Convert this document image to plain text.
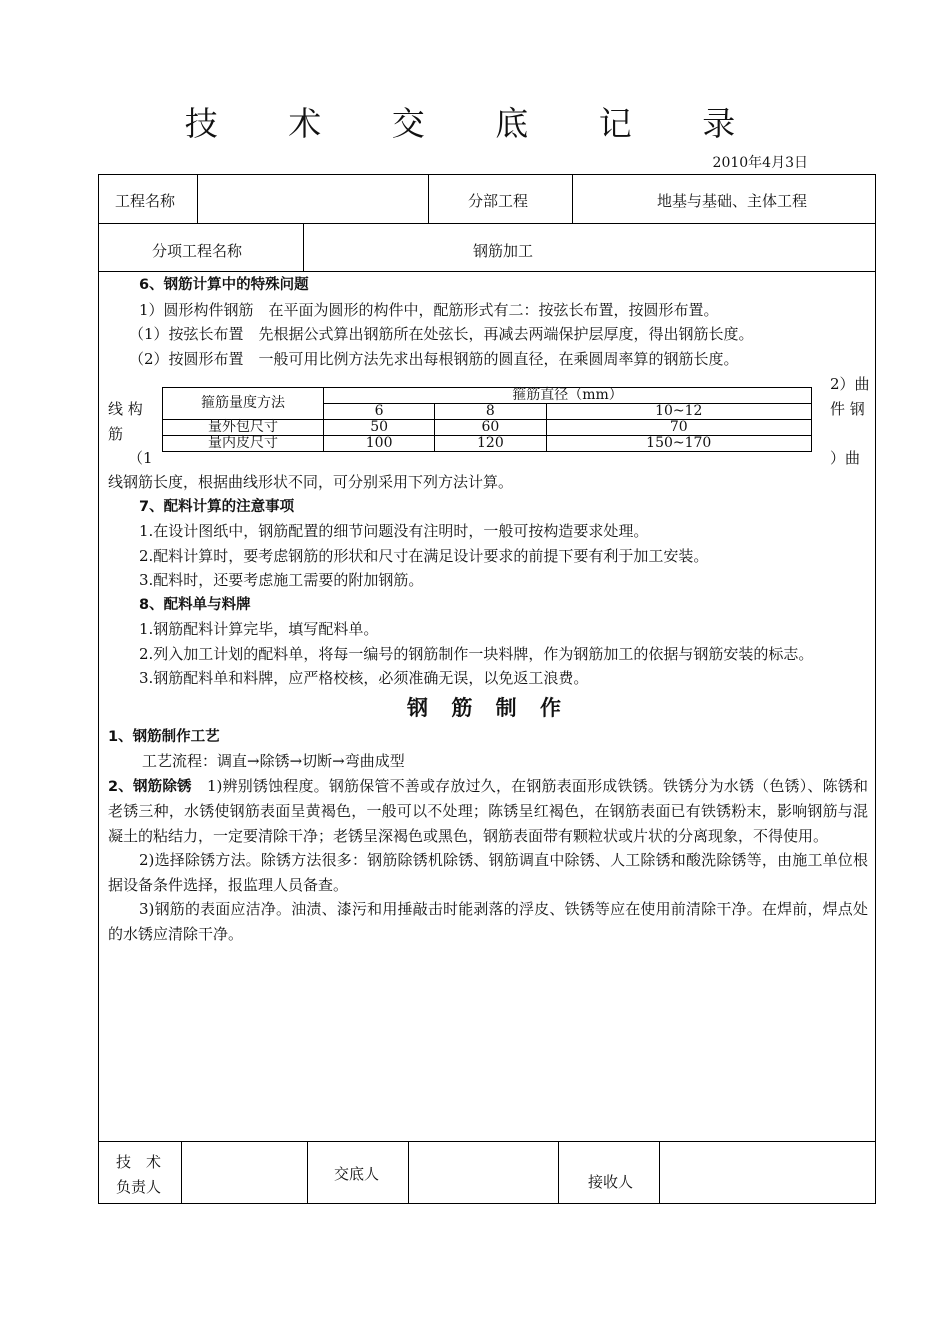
技 术 交 底 记 录
2010年4月3日
工程名称	分部工程	地基与基础、主体工程
分项工程名称	钢筋加工

6、钢筋计算中的特殊问题

1）圆形构件钢筋　在平面为圆形的构件中，配筋形式有二：按弦长布置，按圆形布置。

（1）按弦长布置　先根据公式算出钢筋所在处弦长，再减去两端保护层厚度，得出钢筋长度。

（2）按圆形布置　一般可用比例方法先求出每根钢筋的圆直径，在乘圆周率算的钢筋长度。

线 构
筋
（1
2）曲
件 钢
）曲
箍筋量度方法	箍筋直径（mm）		
	6	8	10~12
量外包尺寸	50	60	70
量内皮尺寸	100	120	150~170

线钢筋长度，根据曲线形状不同，可分别采用下列方法计算。

7、配料计算的注意事项

1.在设计图纸中，钢筋配置的细节问题没有注明时，一般可按构造要求处理。

2.配料计算时，要考虑钢筋的形状和尺寸在满足设计要求的前提下要有利于加工安装。

3.配料时，还要考虑施工需要的附加钢筋。

8、配料单与料牌

1.钢筋配料计算完毕，填写配料单。

2.列入加工计划的配料单，将每一编号的钢筋制作一块料牌，作为钢筋加工的依据与钢筋安装的标志。

3.钢筋配料单和料牌，应严格校核，必须准确无误，以免返工浪费。

钢 筋 制 作

1、钢筋制作工艺

工艺流程：调直→除锈→切断→弯曲成型

2、钢筋除锈　 1)辨别锈蚀程度。钢筋保管不善或存放过久，在钢筋表面形成铁锈。铁锈分为水锈（色锈）、陈锈和老锈三种，水锈使钢筋表面呈黄褐色，一般可以不处理；陈锈呈红褐色，在钢筋表面已有铁锈粉末，影响钢筋与混凝土的粘结力，一定要清除干净；老锈呈深褐色或黑色，钢筋表面带有颗粒状或片状的分离现象，不得使用。

2)选择除锈方法。除锈方法很多：钢筋除锈机除锈、钢筋调直中除锈、人工除锈和酸洗除锈等，由施工单位根据设备条件选择，报监理人员备查。

3)钢筋的表面应洁净。油渍、漆污和用捶敲击时能剥落的浮皮、铁锈等应在使用前清除干净。在焊前，焊点处的水锈应清除干净。

技　术
负责人
交底人	接收人
